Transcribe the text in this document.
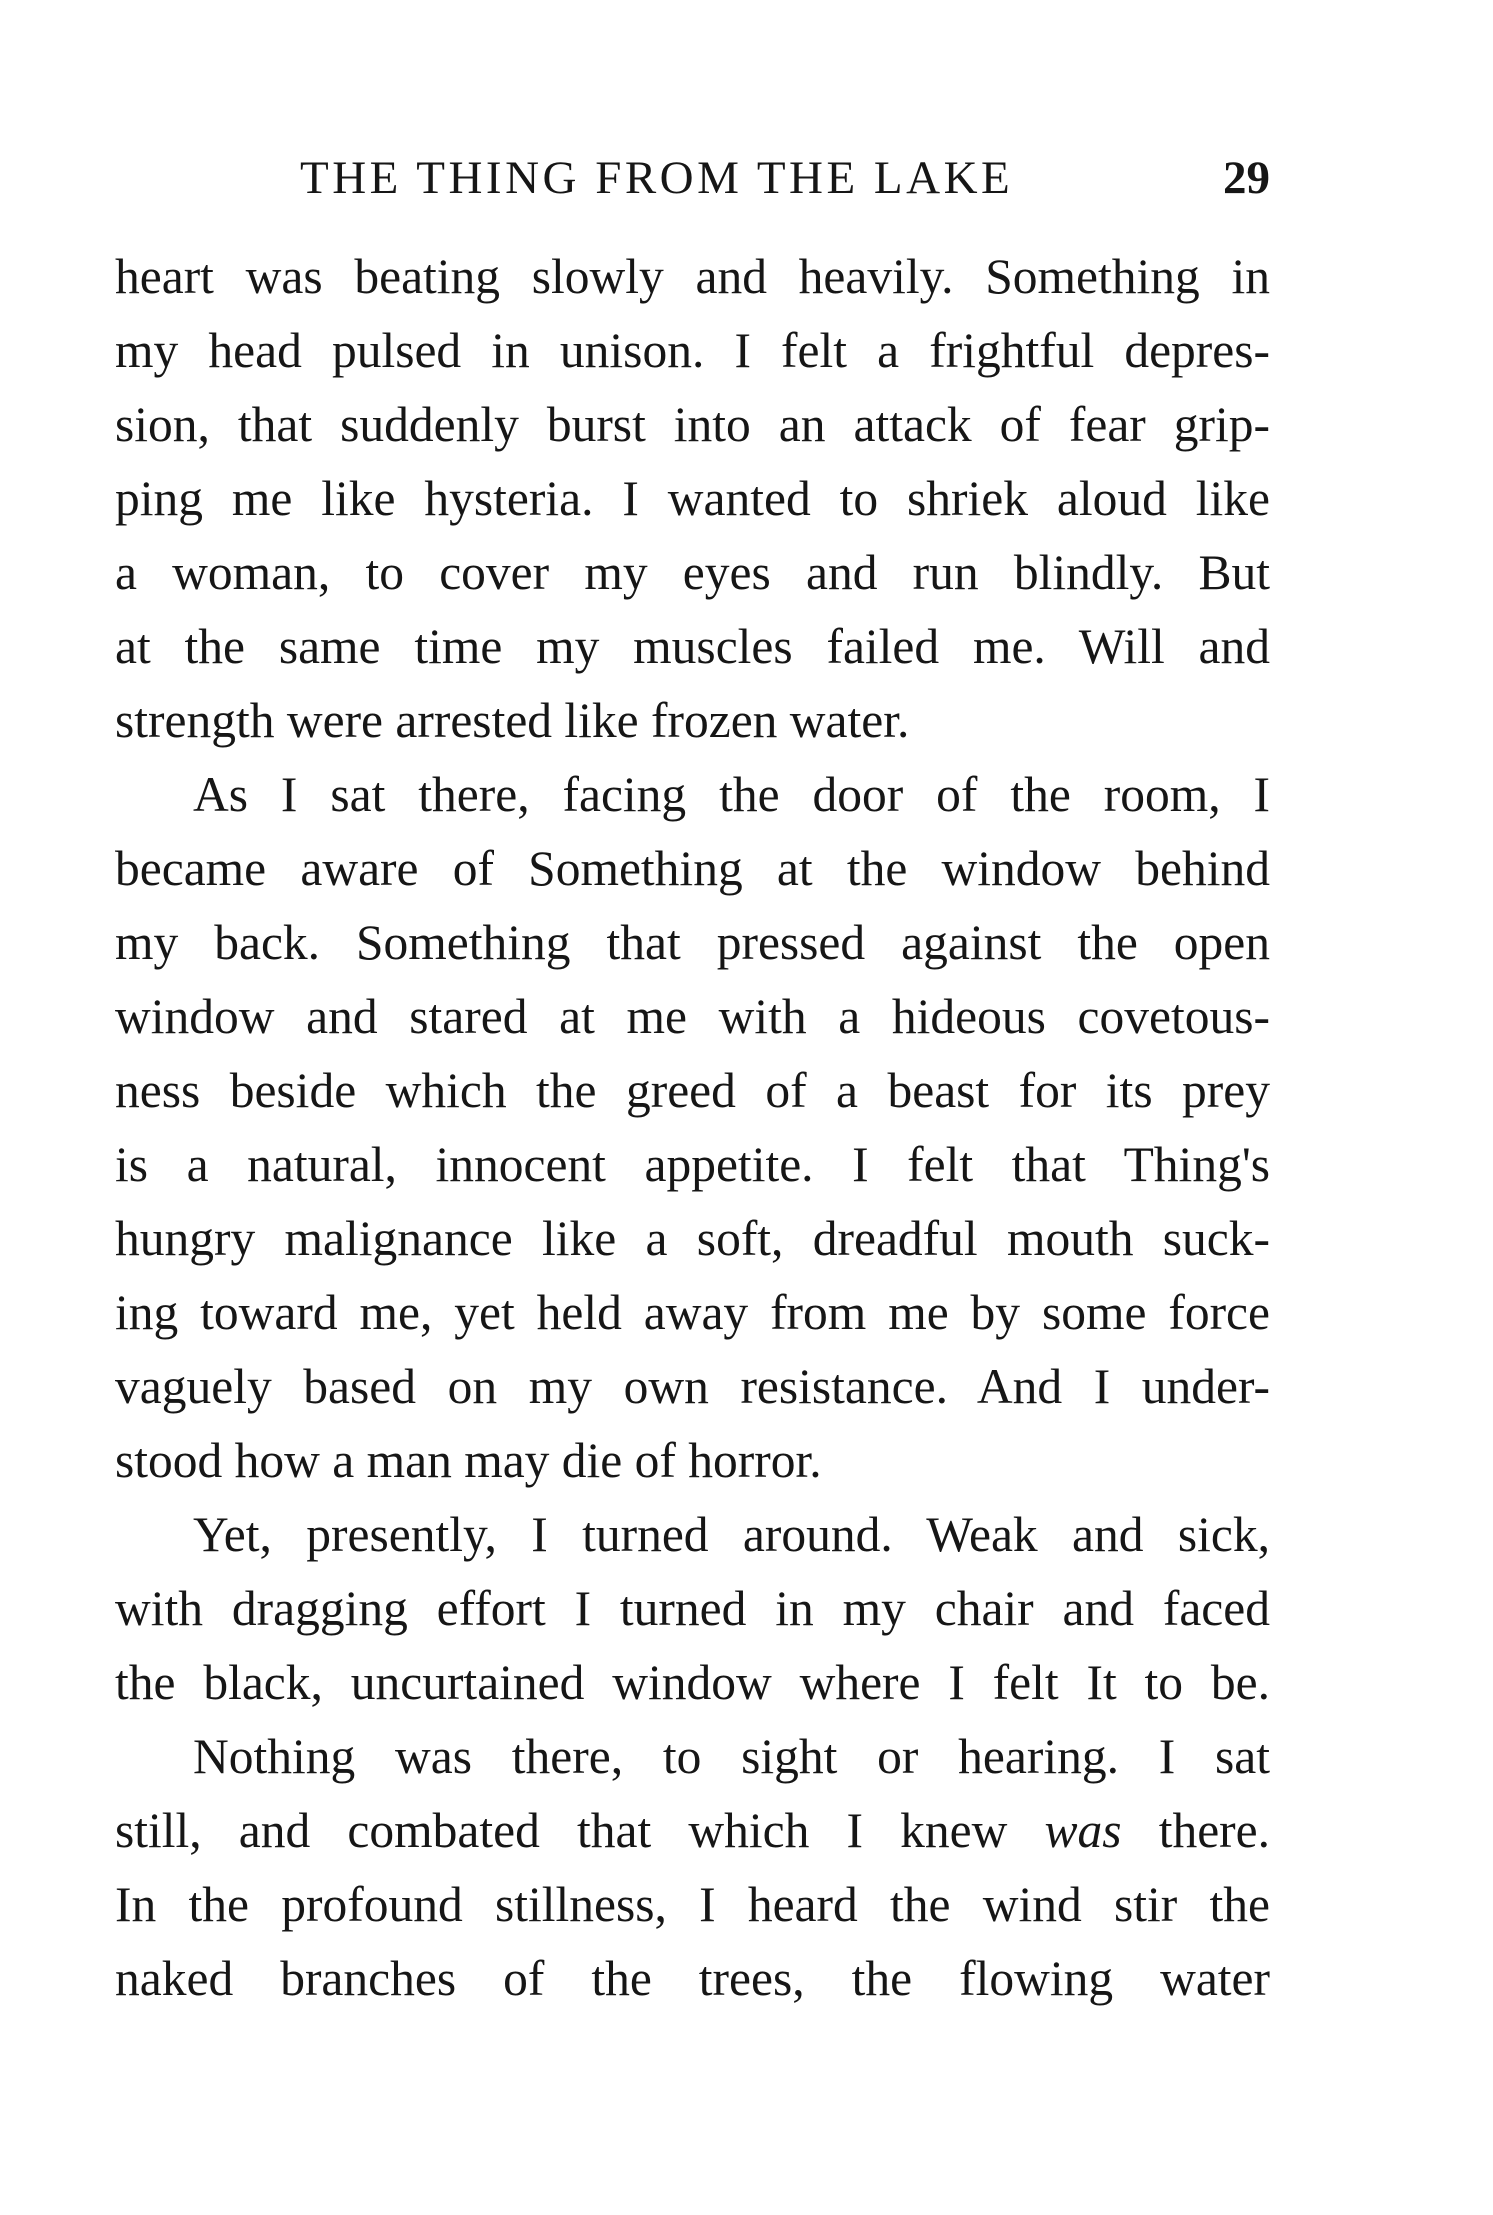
THE THING FROM THE LAKE	29
heart was beating slowly and heavily. Something in
my head pulsed in unison. I felt a frightful depres-
sion, that suddenly burst into an attack of fear grip-
ping me like hysteria. I wanted to shriek aloud like
a woman, to cover my eyes and run blindly. But
at the same time my muscles failed me. Will and
strength were arrested like frozen water.
As I sat there, facing the door of the room, I
became aware of Something at the window behind
my back. Something that pressed against the open
window and stared at me with a hideous covetous-
ness beside which the greed of a beast for its prey
is a natural, innocent appetite. I felt that Thing's
hungry malignance like a soft, dreadful mouth suck-
ing toward me, yet held away from me by some force
vaguely based on my own resistance. And I under-
stood how a man may die of horror.
Yet, presently, I turned around. Weak and sick,
with dragging effort I turned in my chair and faced
the black, uncurtained window where I felt It to be.
Nothing was there, to sight or hearing. I sat
still, and combated that which I knew was there.
In the profound stillness, I heard the wind stir the
naked branches of the trees, the flowing water
